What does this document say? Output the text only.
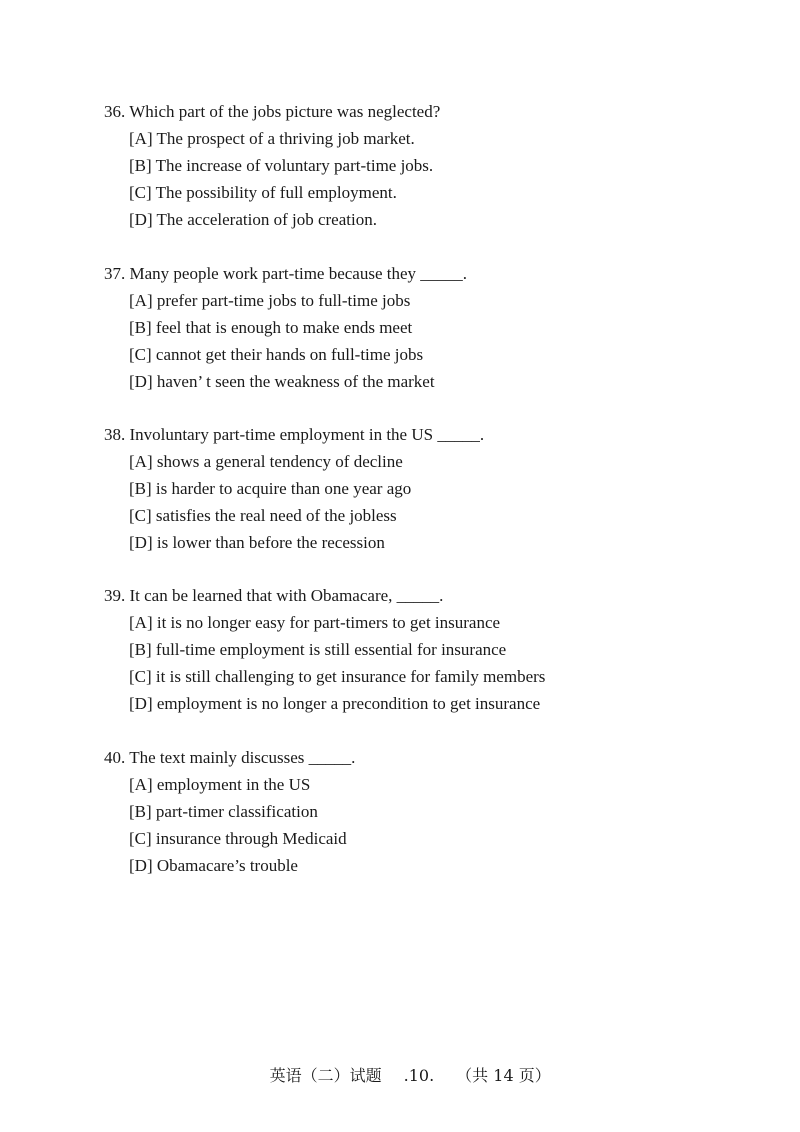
36. Which part of the jobs picture was neglected?
[A] The prospect of a thriving job market.
[B] The increase of voluntary part-time jobs.
[C] The possibility of full employment.
[D] The acceleration of job creation.
37. Many people work part-time because they _____.
[A] prefer part-time jobs to full-time jobs
[B] feel that is enough to make ends meet
[C] cannot get their hands on full-time jobs
[D] haven’ t seen the weakness of the market
38. Involuntary part-time employment in the US _____.
[A] shows a general tendency of decline
[B] is harder to acquire than one year ago
[C] satisfies the real need of the jobless
[D] is lower than before the recession
39. It can be learned that with Obamacare, _____.
[A] it is no longer easy for part-timers to get insurance
[B] full-time employment is still essential for insurance
[C] it is still challenging to get insurance for family members
[D] employment is no longer a precondition to get insurance
40. The text mainly discusses _____.
[A] employment in the US
[B] part-timer classification
[C] insurance through Medicaid
[D] Obamacare’s trouble

英语（二）试题 .10. （共 14 页）
